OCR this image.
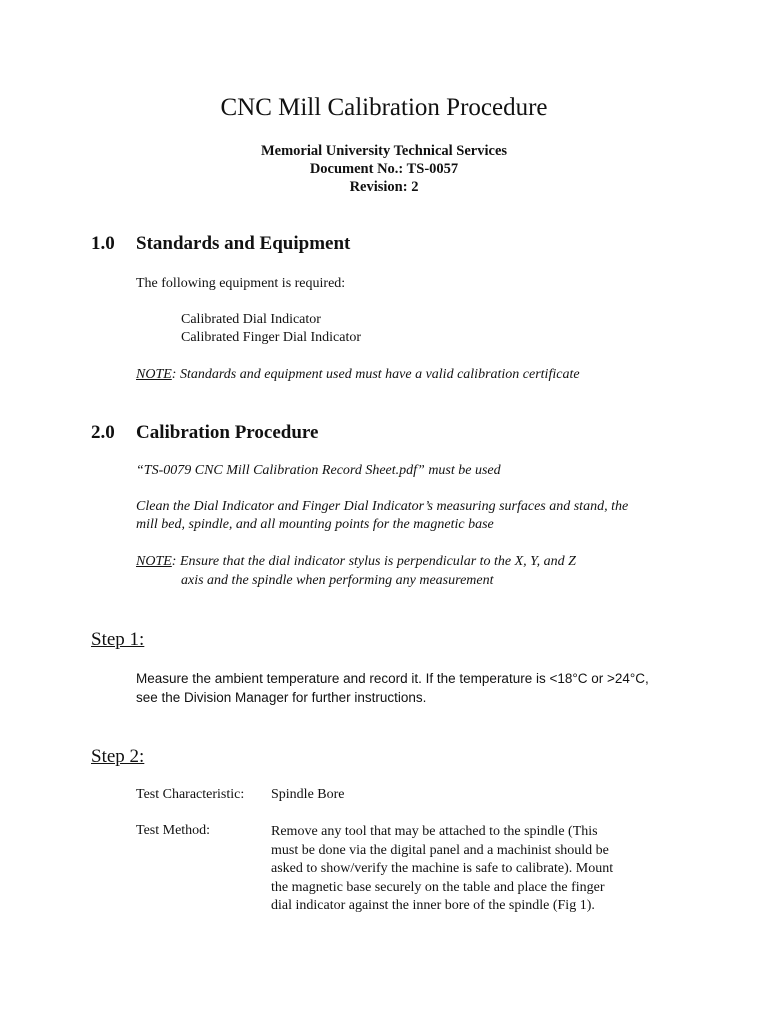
CNC Mill Calibration Procedure
Memorial University Technical Services
Document No.: TS-0057
Revision: 2
1.0 Standards and Equipment
The following equipment is required:
Calibrated Dial Indicator
Calibrated Finger Dial Indicator
NOTE: Standards and equipment used must have a valid calibration certificate
2.0 Calibration Procedure
“TS-0079 CNC Mill Calibration Record Sheet.pdf” must be used
Clean the Dial Indicator and Finger Dial Indicator’s measuring surfaces and stand, the
mill bed, spindle, and all mounting points for the magnetic base
NOTE: Ensure that the dial indicator stylus is perpendicular to the X, Y, and Z
axis and the spindle when performing any measurement
Step 1:
Measure the ambient temperature and record it. If the temperature is <18°C or >24°C,
see the Division Manager for further instructions.
Step 2:
Test Characteristic: Spindle Bore
Test Method:	Remove any tool that may be attached to the spindle (This
must be done via the digital panel and a machinist should be
asked to show/verify the machine is safe to calibrate). Mount
the magnetic base securely on the table and place the finger
dial indicator against the inner bore of the spindle (Fig 1).
